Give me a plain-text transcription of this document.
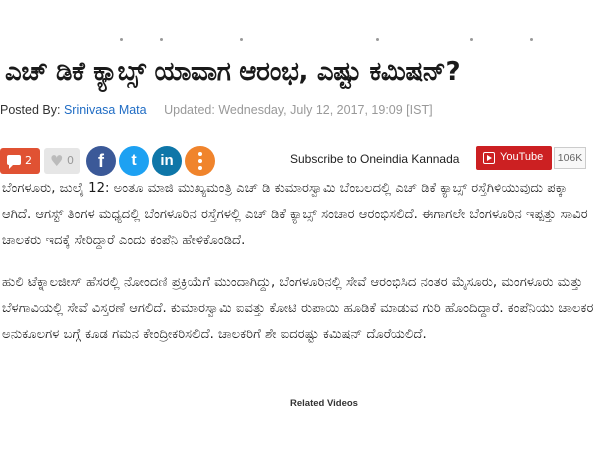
ಎಚ್ ಡಿಕೆ ಕ್ಯಾಬ್ಸ್ ಯಾವಾಗ ಆರಂಭ, ಎಷ್ಟು ಕಮಿಷನ್?
Posted By: Srinivasa Mata Updated: Wednesday, July 12, 2017, 19:09 [IST]
2 ♥ 0	f	t	in	Subscribe to Oneindia Kannada	YouTube	106K

ಬೆಂಗಳೂರು, ಜುಲೈ 12: ಅಂತೂ ಮಾಜಿ ಮುಖ್ಯಮಂತ್ರಿ ಎಚ್ ಡಿ ಕುಮಾರಸ್ವಾಮಿ ಬೆಂಬಲದಲ್ಲಿ ಎಚ್ ಡಿಕೆ ಕ್ಯಾಬ್ಸ್ ರಸ್ತೆಗಿಳಿಯುವುದು ಪಕ್ಕಾ ಆಗಿದೆ. ಆಗಸ್ಟ್ ತಿಂಗಳ ಮಧ್ಯದಲ್ಲಿ ಬೆಂಗಳೂರಿನ ರಸ್ತೆಗಳಲ್ಲಿ ಎಚ್ ಡಿಕೆ ಕ್ಯಾಬ್ಸ್ ಸಂಚಾರ ಆರಂಭಿಸಲಿದೆ. ಈಗಾಗಲೇ ಬೆಂಗಳೂರಿನ ಇಪ್ಪತ್ತು ಸಾವಿರ ಚಾಲಕರು ಇದಕ್ಕೆ ಸೇರಿದ್ದಾರೆ ಎಂದು ಕಂಪೆನಿ ಹೇಳಿಕೊಂಡಿದೆ.

ಹುಲಿ ಟೆಕ್ನಾಲಜೀಸ್ ಹೆಸರಲ್ಲಿ ನೋಂದಣಿ ಪ್ರಕ್ರಿಯೆಗೆ ಮುಂದಾಗಿದ್ದು, ಬೆಂಗಳೂರಿನಲ್ಲಿ ಸೇವೆ ಆರಂಭಿಸಿದ ನಂತರ ಮೈಸೂರು, ಮಂಗಳೂರು ಮತ್ತು ಬೆಳಗಾವಿಯಲ್ಲಿ ಸೇವೆ ವಿಸ್ತರಣೆ ಆಗಲಿದೆ. ಕುಮಾರಸ್ವಾಮಿ ಐವತ್ತು ಕೋಟಿ ರುಪಾಯಿ ಹೂಡಿಕೆ ಮಾಡುವ ಗುರಿ ಹೊಂದಿದ್ದಾರೆ. ಕಂಪೆನಿಯು ಚಾಲಕರ ಅನುಕೂಲಗಳ ಬಗ್ಗೆ ಕೂಡ ಗಮನ ಕೇಂದ್ರೀಕರಿಸಲಿದೆ. ಚಾಲಕರಿಗೆ ಶೇ ಐದರಷ್ಟು ಕಮಿಷನ್ ದೊರೆಯಲಿದೆ.

Related Videos
